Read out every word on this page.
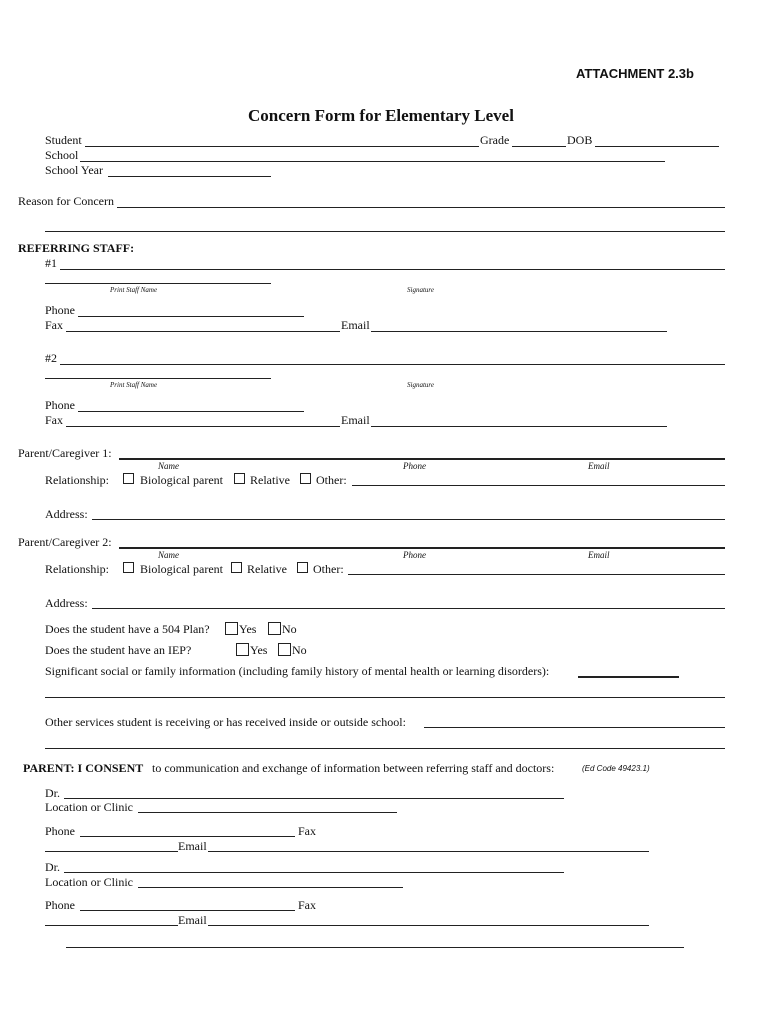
ATTACHMENT 2.3b
Concern Form for Elementary Level
Student	Grade	DOB
School
School Year
Reason for Concern
REFERRING STAFF:
#1
Print Staff Name	Signature
Phone
Fax	Email
#2
Print Staff Name	Signature
Phone
Fax	Email
Parent/Caregiver 1:
Name	Phone	Email
Relationship:	Biological parent Relative Other:
Address:
Parent/Caregiver 2:
Name	Phone	Email
Relationship:	Biological parent Relative Other:
Address:
Does the student have a 504 Plan? Yes No
Does the student have an IEP?	Yes No
Significant social or family information (including family history of mental health or learning disorders):
Other services student is receiving or has received inside or outside school:
PARENT: I CONSENT to communication and exchange of information between referring staff and doctors:	(Ed Code 49423.1)
Dr.
Location or Clinic
Phone	Fax
Email
Dr.
Location or Clinic
Phone	Fax
Email
